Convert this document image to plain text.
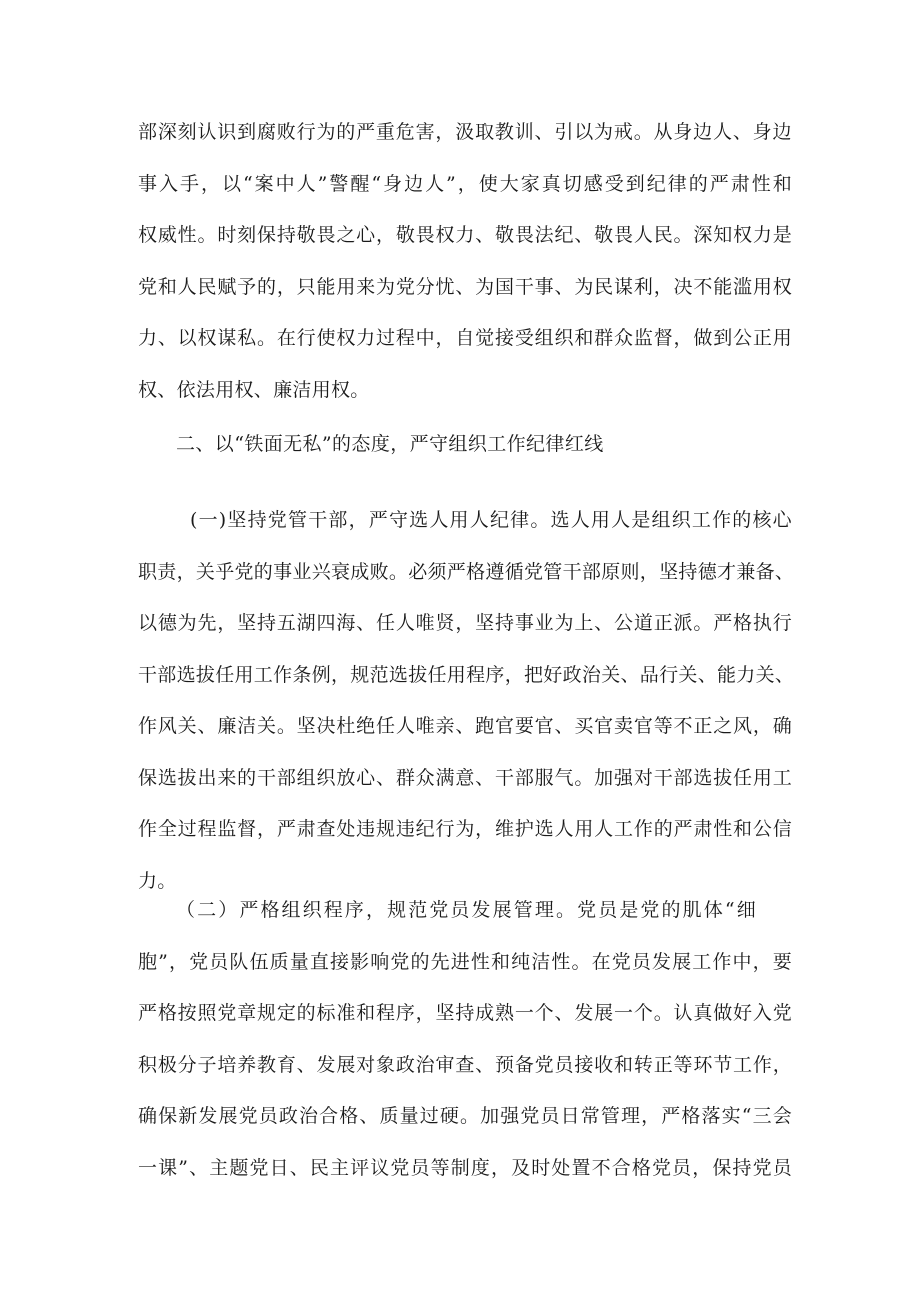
部深刻认识到腐败行为的严重危害，汲取教训、引以为戒。从身边人、身边
事入手，以“案中人”警醒“身边人”，使大家真切感受到纪律的严肃性和
权威性。时刻保持敬畏之心，敬畏权力、敬畏法纪、敬畏人民。深知权力是
党和人民赋予的，只能用来为党分忧、为国干事、为民谋利，决不能滥用权
力、以权谋私。在行使权力过程中，自觉接受组织和群众监督，做到公正用
权、依法用权、廉洁用权。
二、以“铁面无私”的态度，严守组织工作纪律红线
(一)坚持党管干部，严守选人用人纪律。选人用人是组织工作的核心
职责，关乎党的事业兴衰成败。必须严格遵循党管干部原则，坚持德才兼备、
以德为先，坚持五湖四海、任人唯贤，坚持事业为上、公道正派。严格执行
干部选拔任用工作条例，规范选拔任用程序，把好政治关、品行关、能力关、
作风关、廉洁关。坚决杜绝任人唯亲、跑官要官、买官卖官等不正之风，确
保选拔出来的干部组织放心、群众满意、干部服气。加强对干部选拔任用工
作全过程监督，严肃查处违规违纪行为，维护选人用人工作的严肃性和公信
力。
（二）严格组织程序，规范党员发展管理。党员是党的肌体“细
胞”，党员队伍质量直接影响党的先进性和纯洁性。在党员发展工作中，要
严格按照党章规定的标准和程序，坚持成熟一个、发展一个。认真做好入党
积极分子培养教育、发展对象政治审查、预备党员接收和转正等环节工作，
确保新发展党员政治合格、质量过硬。加强党员日常管理，严格落实“三会
一课”、主题党日、民主评议党员等制度，及时处置不合格党员，保持党员
